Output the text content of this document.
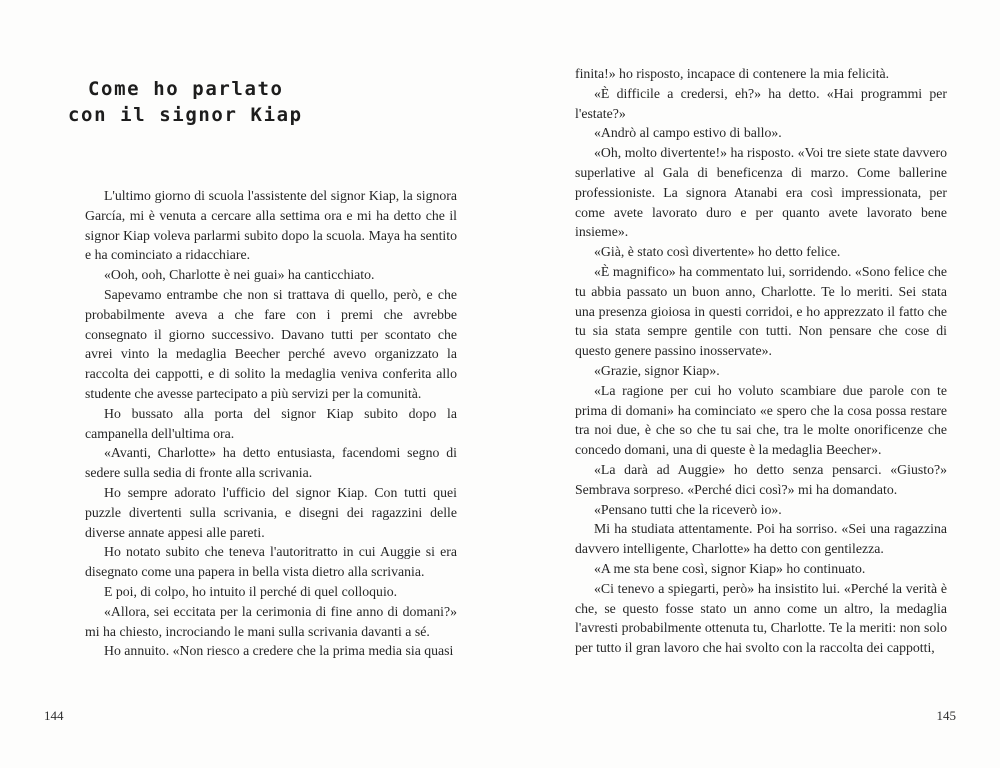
Come ho parlato
con il signor Kiap

L'ultimo giorno di scuola l'assistente del signor Kiap, la signora García, mi è venuta a cercare alla settima ora e mi ha detto che il signor Kiap voleva parlarmi subito dopo la scuola. Maya ha sentito e ha cominciato a ridacchiare.

«Ooh, ooh, Charlotte è nei guai» ha canticchiato.

Sapevamo entrambe che non si trattava di quello, però, e che probabilmente aveva a che fare con i premi che avrebbe consegnato il giorno successivo. Davano tutti per scontato che avrei vinto la medaglia Beecher perché avevo organizzato la raccolta dei cappotti, e di solito la medaglia veniva conferita allo studente che avesse partecipato a più servizi per la comunità.

Ho bussato alla porta del signor Kiap subito dopo la campanella dell'ultima ora.

«Avanti, Charlotte» ha detto entusiasta, facendomi segno di sedere sulla sedia di fronte alla scrivania.

Ho sempre adorato l'ufficio del signor Kiap. Con tutti quei puzzle divertenti sulla scrivania, e disegni dei ragazzini delle diverse annate appesi alle pareti.

Ho notato subito che teneva l'autoritratto in cui Auggie si era disegnato come una papera in bella vista dietro alla scrivania.

E poi, di colpo, ho intuito il perché di quel colloquio.

«Allora, sei eccitata per la cerimonia di fine anno di domani?» mi ha chiesto, incrociando le mani sulla scrivania davanti a sé.

Ho annuito. «Non riesco a credere che la prima media sia quasi

144

finita!» ho risposto, incapace di contenere la mia felicità.

«È difficile a credersi, eh?» ha detto. «Hai programmi per l'estate?»

«Andrò al campo estivo di ballo».

«Oh, molto divertente!» ha risposto. «Voi tre siete state davvero superlative al Gala di beneficenza di marzo. Come ballerine professioniste. La signora Atanabi era così impressionata, per come avete lavorato duro e per quanto avete lavorato bene insieme».

«Già, è stato così divertente» ho detto felice.

«È magnifico» ha commentato lui, sorridendo. «Sono felice che tu abbia passato un buon anno, Charlotte. Te lo meriti. Sei stata una presenza gioiosa in questi corridoi, e ho apprezzato il fatto che tu sia stata sempre gentile con tutti. Non pensare che cose di questo genere passino inosservate».

«Grazie, signor Kiap».

«La ragione per cui ho voluto scambiare due parole con te prima di domani» ha cominciato «e spero che la cosa possa restare tra noi due, è che so che tu sai che, tra le molte onorificenze che concedo domani, una di queste è la medaglia Beecher».

«La darà ad Auggie» ho detto senza pensarci. «Giusto?» Sembrava sorpreso. «Perché dici così?» mi ha domandato.

«Pensano tutti che la riceverò io».

Mi ha studiata attentamente. Poi ha sorriso. «Sei una ragazzina davvero intelligente, Charlotte» ha detto con gentilezza.

«A me sta bene così, signor Kiap» ho continuato.

«Ci tenevo a spiegarti, però» ha insistito lui. «Perché la verità è che, se questo fosse stato un anno come un altro, la medaglia l'avresti probabilmente ottenuta tu, Charlotte. Te la meriti: non solo per tutto il gran lavoro che hai svolto con la raccolta dei cappotti,

145
